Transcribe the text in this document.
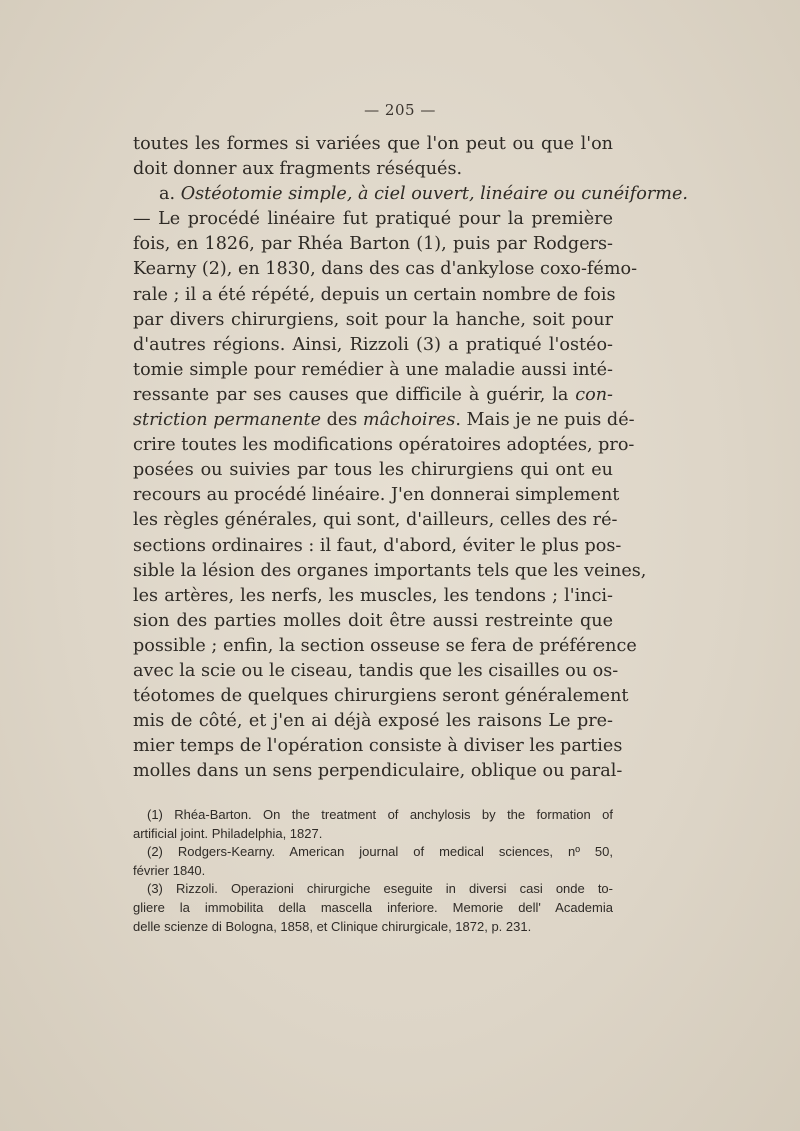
— 205 —
toutes les formes si variées que l'on peut ou que l'on
doit donner aux fragments réséqués.
a. Ostéotomie simple, à ciel ouvert, linéaire ou cunéiforme.
— Le procédé linéaire fut pratiqué pour la première
fois, en 1826, par Rhéa Barton (1), puis par Rodgers-
Kearny (2), en 1830, dans des cas d'ankylose coxo-fémo-
rale ; il a été répété, depuis un certain nombre de fois
par divers chirurgiens, soit pour la hanche, soit pour
d'autres régions. Ainsi, Rizzoli (3) a pratiqué l'ostéo-
tomie simple pour remédier à une maladie aussi inté-
ressante par ses causes que difficile à guérir, la con-
striction permanente des mâchoires. Mais je ne puis dé-
crire toutes les modifications opératoires adoptées, pro-
posées ou suivies par tous les chirurgiens qui ont eu
recours au procédé linéaire. J'en donnerai simplement
les règles générales, qui sont, d'ailleurs, celles des ré-
sections ordinaires : il faut, d'abord, éviter le plus pos-
sible la lésion des organes importants tels que les veines,
les artères, les nerfs, les muscles, les tendons ; l'inci-
sion des parties molles doit être aussi restreinte que
possible ; enfin, la section osseuse se fera de préférence
avec la scie ou le ciseau, tandis que les cisailles ou os-
téotomes de quelques chirurgiens seront généralement
mis de côté, et j'en ai déjà exposé les raisons Le pre-
mier temps de l'opération consiste à diviser les parties
molles dans un sens perpendiculaire, oblique ou paral-
(1) Rhéa-Barton. On the treatment of anchylosis by the formation of
artificial joint. Philadelphia, 1827.
(2) Rodgers-Kearny. American journal of medical sciences, nº 50,
février 1840.
(3) Rizzoli. Operazioni chirurgiche eseguite in diversi casi onde to-
gliere la immobilita della mascella inferiore. Memorie dell' Academia
delle scienze di Bologna, 1858, et Clinique chirurgicale, 1872, p. 231.
